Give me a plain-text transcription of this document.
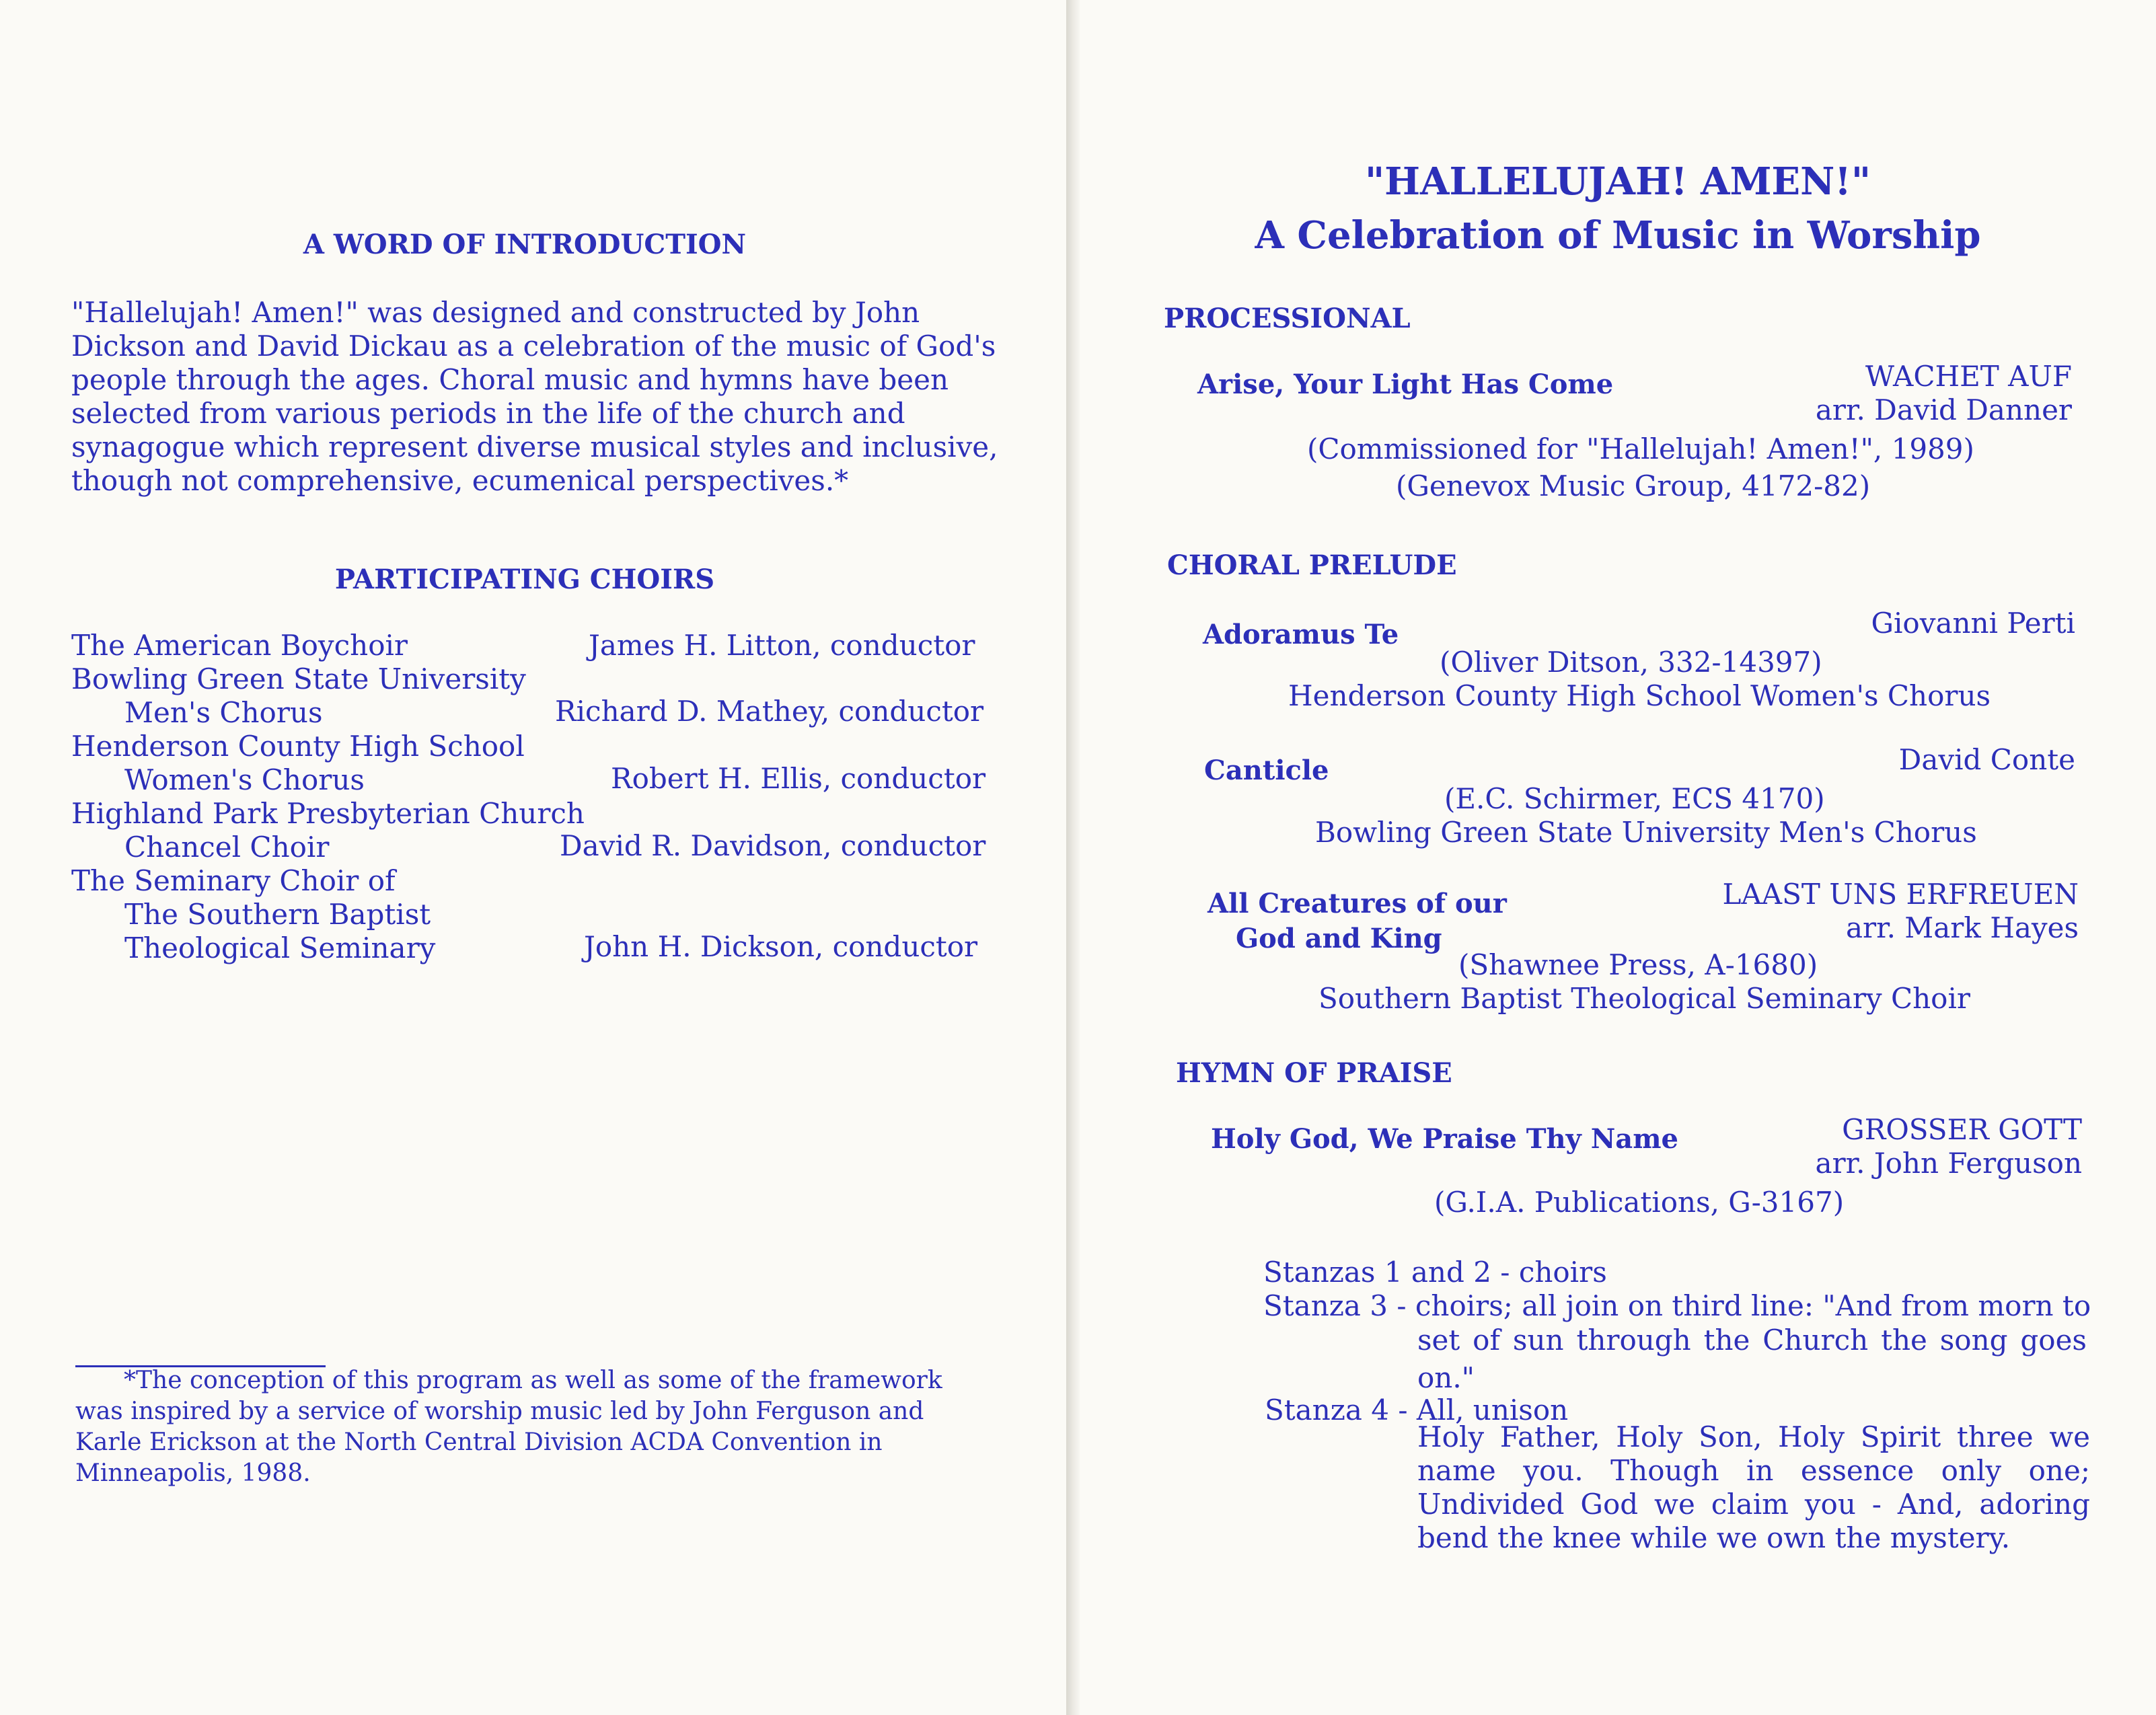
A WORD OF INTRODUCTION
"Hallelujah! Amen!" was designed and constructed by John
Dickson and David Dickau as a celebration of the music of God's
people through the ages. Choral music and hymns have been
selected from various periods in the life of the church and
synagogue which represent diverse musical styles and inclusive,
though not comprehensive, ecumenical perspectives.*
PARTICIPATING CHOIRS
The American Boychoir	James H. Litton, conductor
Bowling Green State University
Men's Chorus	Richard D. Mathey, conductor
Henderson County High School
Women's Chorus	Robert H. Ellis, conductor
Highland Park Presbyterian Church
Chancel Choir	David R. Davidson, conductor
The Seminary Choir of
The Southern Baptist
Theological Seminary	John H. Dickson, conductor
*The conception of this program as well as some of the framework
was inspired by a service of worship music led by John Ferguson and
Karle Erickson at the North Central Division ACDA Convention in
Minneapolis, 1988.
"HALLELUJAH! AMEN!"
A Celebration of Music in Worship
PROCESSIONAL
Arise, Your Light Has Come	WACHET AUF
arr. David Danner
(Commissioned for "Hallelujah! Amen!", 1989)
(Genevox Music Group, 4172-82)
CHORAL PRELUDE
Adoramus Te	Giovanni Perti
(Oliver Ditson, 332-14397)
Henderson County High School Women's Chorus
Canticle	David Conte
(E.C. Schirmer, ECS 4170)
Bowling Green State University Men's Chorus
All Creatures of our
God and King
LAAST UNS ERFREUEN
arr. Mark Hayes
(Shawnee Press, A-1680)
Southern Baptist Theological Seminary Choir
HYMN OF PRAISE
Holy God, We Praise Thy Name	GROSSER GOTT
arr. John Ferguson
(G.I.A. Publications, G-3167)
Stanzas 1 and 2 - choirs
Stanza 3 - choirs; all join on third line: "And from morn to
set of sun through the Church the song goes on."
Stanza 4 - All, unison
Holy Father, Holy Son, Holy Spirit three we name you. Though in essence only one; Undivided God we claim you - And, adoring bend the knee while we own the mystery.
